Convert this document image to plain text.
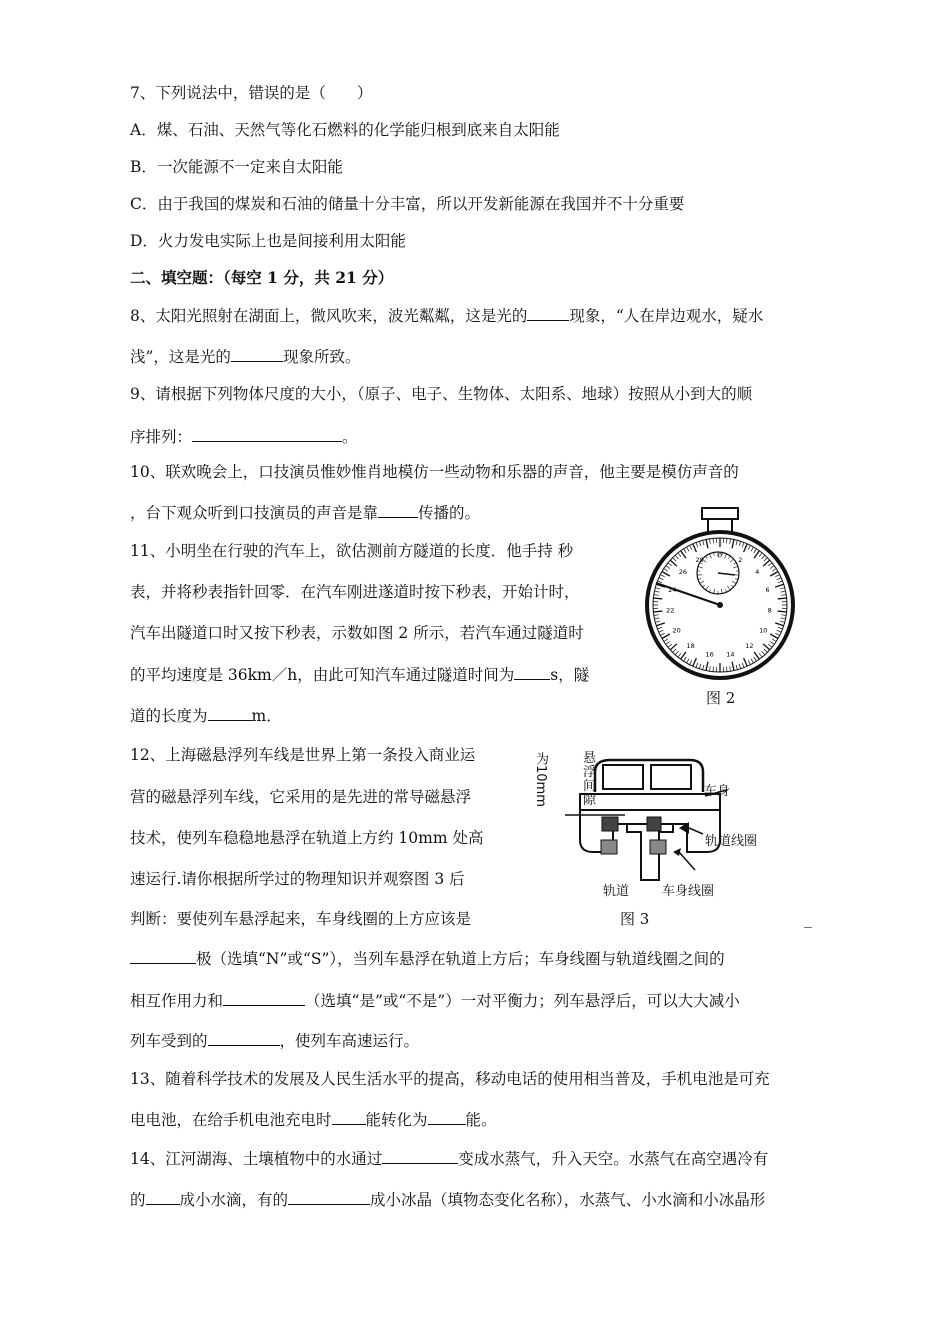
7、下列说法中，错误的是（　　）
A．煤、石油、天然气等化石燃料的化学能归根到底来自太阳能
B．一次能源不一定来自太阳能
C．由于我国的煤炭和石油的储量十分丰富，所以开发新能源在我国并不十分重要
D．火力发电实际上也是间接利用太阳能
二、填空题：（每空 1 分，共 21 分）
8、太阳光照射在湖面上，微风吹来，波光粼粼，这是光的	现象，“人在岸边观水，疑水
浅”，这是光的	现象所致。
9、请根据下列物体尺度的大小，（原子、电子、生物体、太阳系、地球）按照从小到大的顺
序排列：	。
10、联欢晚会上，口技演员惟妙惟肖地模仿一些动物和乐器的声音，他主要是模仿声音的
，台下观众听到口技演员的声音是靠	传播的。
11、小明坐在行驶的汽车上，欲估测前方隧道的长度．他手持 秒
表，并将秒表指针回零．在汽车刚进遂道时按下秒表，开始计时，
汽车出隧道口时又按下秒表，示数如图 2 所示，若汽车通过隧道时
的平均速度是 36km／h，由此可知汽车通过隧道时间为 s，隧
道的长度为	m．
0
2
4
6
8
10
12
14
16
18
20
22
24
26
28
图 2
12、上海磁悬浮列车线是世界上第一条投入商业运
营的磁悬浮列车线，它采用的是先进的常导磁悬浮
技术，使列车稳稳地悬浮在轨道上方约 10mm 处高
速运行.请你根据所学过的物理知识并观察图 3 后
判断：要使列车悬浮起来，车身线圈的上方应该是	_
极（选填“N”或“S”），当列车悬浮在轨道上方后；车身线圈与轨道线圈之间的
相互作用力和	（选填“是”或“不是”）一对平衡力；列车悬浮后，可以大大减小
列车受到的	，使列车高速运行。
悬浮间隙
为10mm	车身
轨道线圈
轨道	车身线圈
图 3
13、随着科学技术的发展及人民生活水平的提高，移动电话的使用相当普及，手机电池是可充
电电池，在给手机电池充电时 能转化为 能。
14、江河湖海、土壤植物中的水通过	变成水蒸气，升入天空。水蒸气在高空遇冷有
的 成小水滴，有的	成小冰晶（填物态变化名称），水蒸气、小水滴和小冰晶形
